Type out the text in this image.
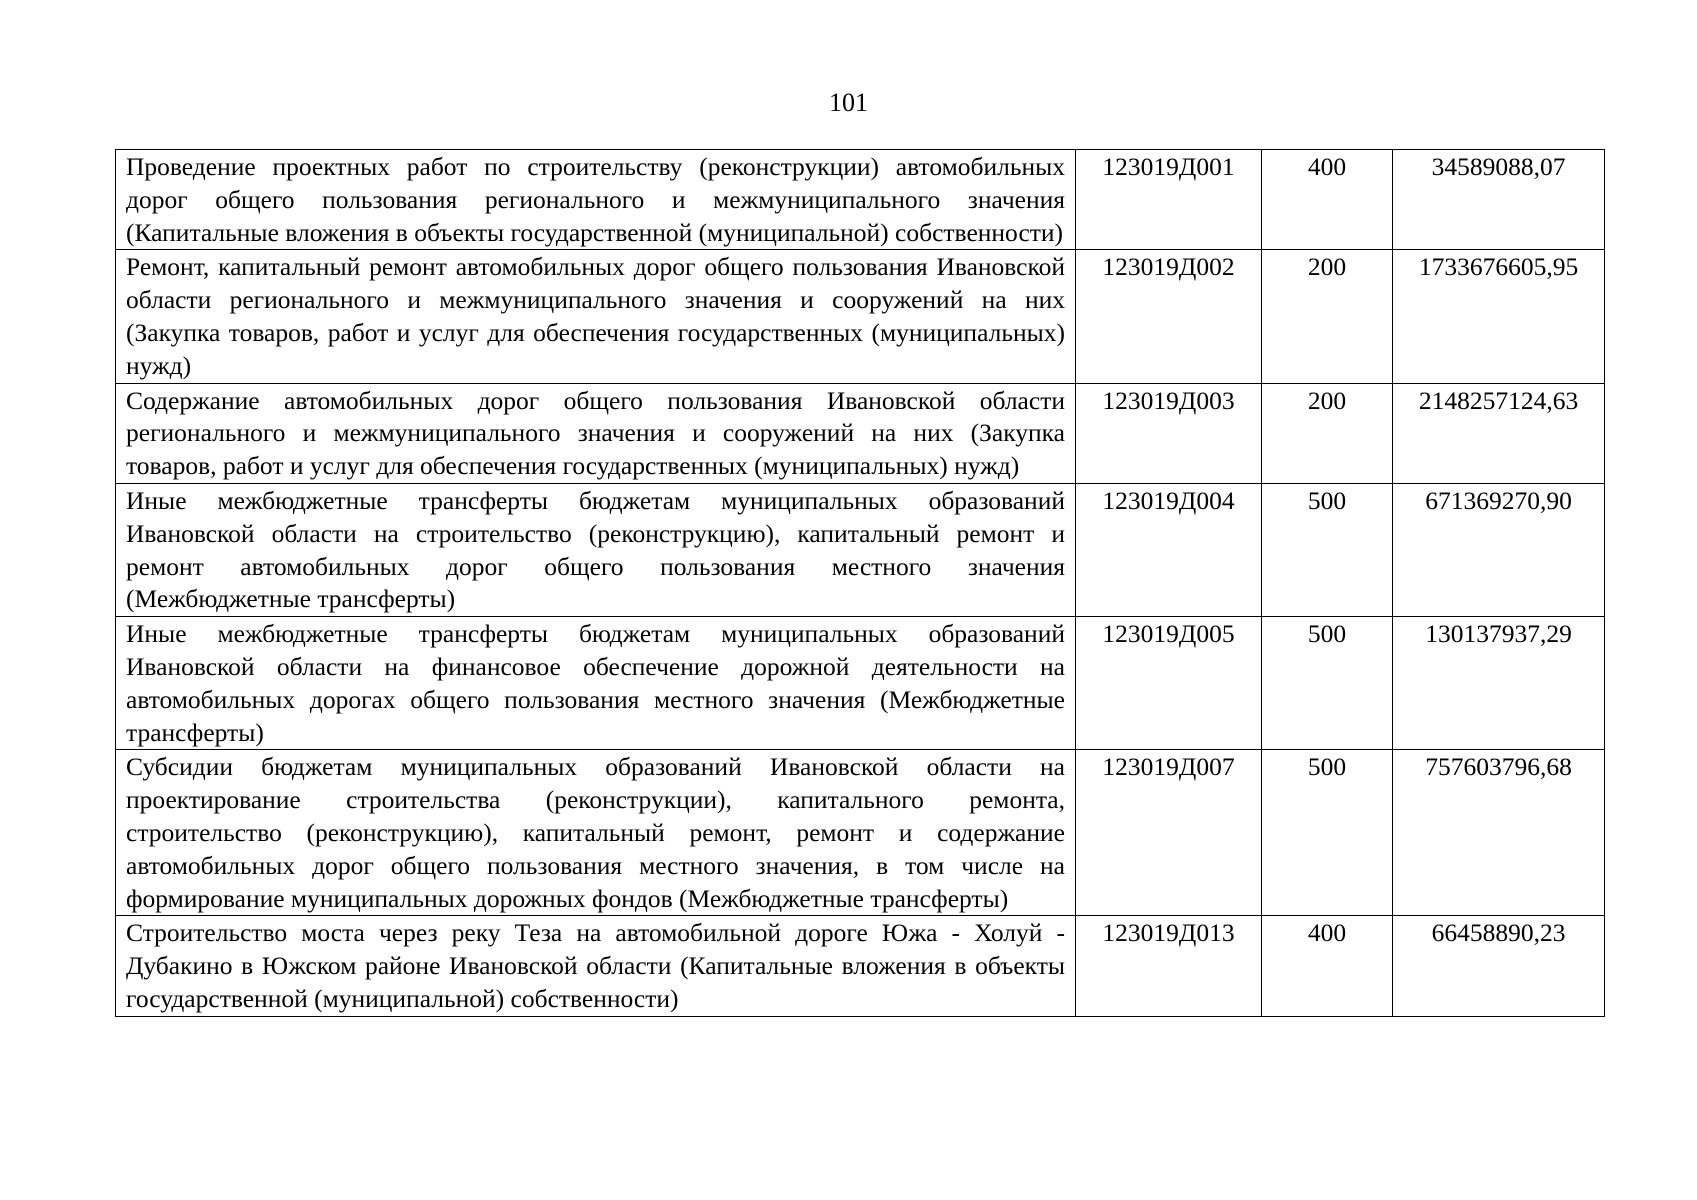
101
Проведение проектных работ по строительству (реконструкции) автомобильных дорог общего пользования регионального и межмуниципального значения (Капитальные вложения в объекты государственной (муниципальной) собственности)	123019Д001	400	34589088,07
Ремонт, капитальный ремонт автомобильных дорог общего пользования Ивановской области регионального и межмуниципального значения и сооружений на них (Закупка товаров, работ и услуг для обеспечения государственных (муниципальных) нужд)	123019Д002	200	1733676605,95
Содержание автомобильных дорог общего пользования Ивановской области регионального и межмуниципального значения и сооружений на них (Закупка товаров, работ и услуг для обеспечения государственных (муниципальных) нужд)	123019Д003	200	2148257124,63
Иные межбюджетные трансферты бюджетам муниципальных образований Ивановской области на строительство (реконструкцию), капитальный ремонт и ремонт автомобильных дорог общего пользования местного значения (Межбюджетные трансферты)	123019Д004	500	671369270,90
Иные межбюджетные трансферты бюджетам муниципальных образований Ивановской области на финансовое обеспечение дорожной деятельности на автомобильных дорогах общего пользования местного значения (Межбюджетные трансферты)	123019Д005	500	130137937,29
Субсидии бюджетам муниципальных образований Ивановской области на проектирование строительства (реконструкции), капитального ремонта, строительство (реконструкцию), капитальный ремонт, ремонт и содержание автомобильных дорог общего пользования местного значения, в том числе на формирование муниципальных дорожных фондов (Межбюджетные трансферты)	123019Д007	500	757603796,68
Строительство моста через реку Теза на автомобильной дороге Южа - Холуй - Дубакино в Южском районе Ивановской области (Капитальные вложения в объекты государственной (муниципальной) собственности)	123019Д013	400	66458890,23
